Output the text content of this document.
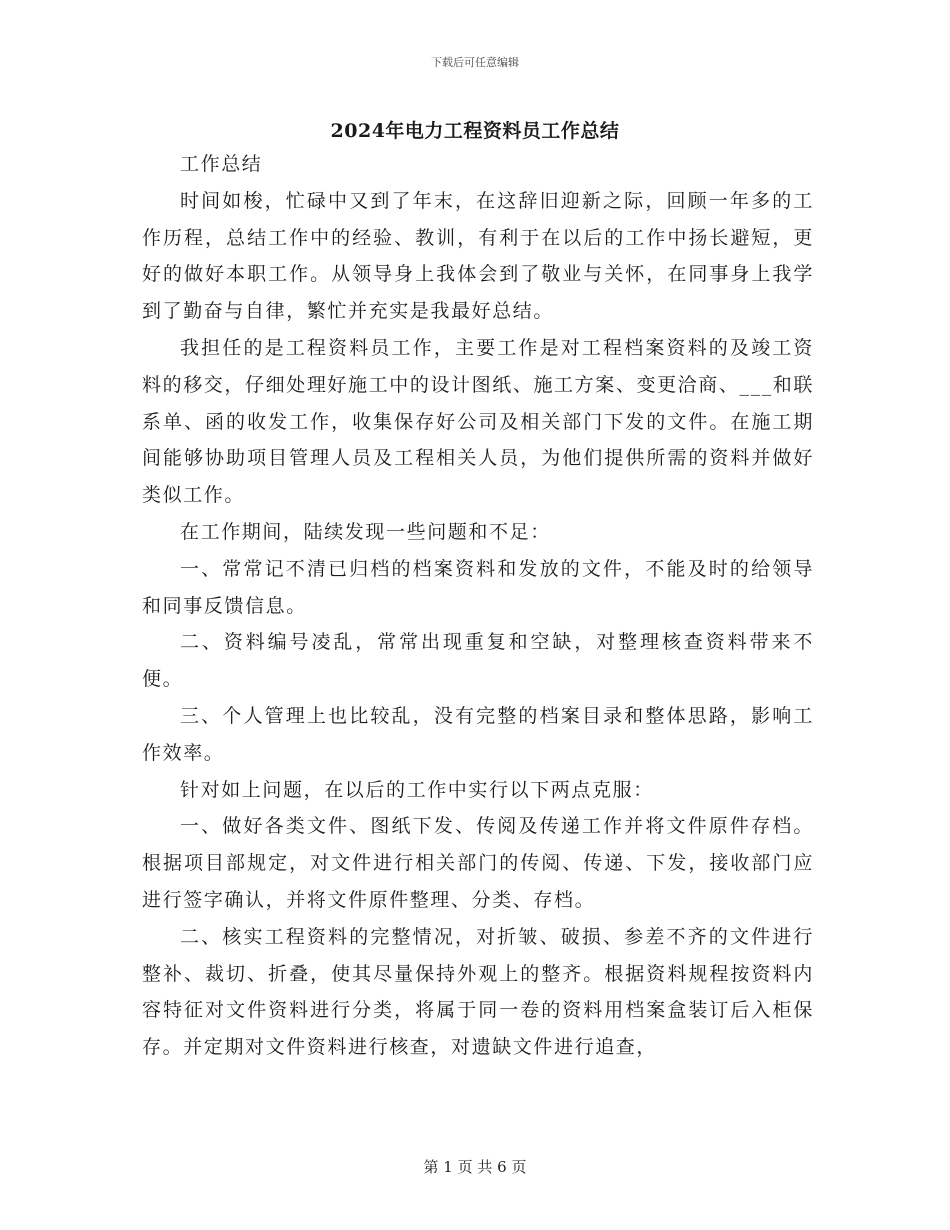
下载后可任意编辑
2024年电力工程资料员工作总结

工作总结

时间如梭，忙碌中又到了年末，在这辞旧迎新之际，回顾一年多的工作历程，总结工作中的经验、教训，有利于在以后的工作中扬长避短，更好的做好本职工作。从领导身上我体会到了敬业与关怀，在同事身上我学到了勤奋与自律，繁忙并充实是我最好总结。

我担任的是工程资料员工作，主要工作是对工程档案资料的及竣工资料的移交，仔细处理好施工中的设计图纸、施工方案、变更洽商、___和联系单、函的收发工作，收集保存好公司及相关部门下发的文件。在施工期间能够协助项目管理人员及工程相关人员，为他们提供所需的资料并做好类似工作。

在工作期间，陆续发现一些问题和不足：

一、常常记不清已归档的档案资料和发放的文件，不能及时的给领导和同事反馈信息。

二、资料编号凌乱，常常出现重复和空缺，对整理核查资料带来不便。

三、个人管理上也比较乱，没有完整的档案目录和整体思路，影响工作效率。

针对如上问题，在以后的工作中实行以下两点克服：

一、做好各类文件、图纸下发、传阅及传递工作并将文件原件存档。根据项目部规定，对文件进行相关部门的传阅、传递、下发，接收部门应进行签字确认，并将文件原件整理、分类、存档。

二、核实工程资料的完整情况，对折皱、破损、参差不齐的文件进行整补、裁切、折叠，使其尽量保持外观上的整齐。根据资料规程按资料内容特征对文件资料进行分类，将属于同一卷的资料用档案盒装订后入柜保存。并定期对文件资料进行核查，对遗缺文件进行追查，

第 1 页 共 6 页
